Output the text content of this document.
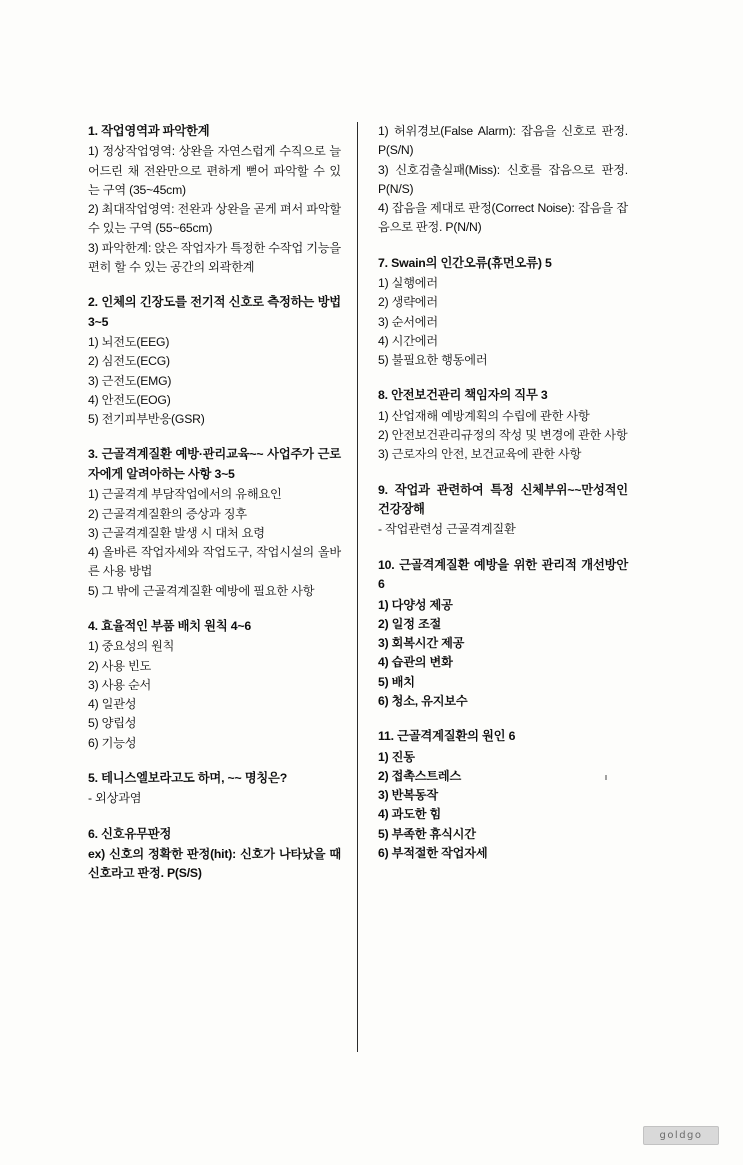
1. 작업영역과 파악한계
1) 정상작업영역: 상완을 자연스럽게 수직으로 늘어드린 채 전완만으로 편하게 뻗어 파악할 수 있는 구역 (35~45cm)
2) 최대작업영역: 전완과 상완을 곧게 펴서 파악할 수 있는 구역 (55~65cm)
3) 파악한계: 앉은 작업자가 특정한 수작업 기능을 편히 할 수 있는 공간의 외곽한계
2. 인체의 긴장도를 전기적 신호로 측정하는 방법 3~5
1) 뇌전도(EEG)
2) 심전도(ECG)
3) 근전도(EMG)
4) 안전도(EOG)
5) 전기피부반응(GSR)
3. 근골격계질환 예방·관리교육~~ 사업주가 근로자에게 알려아하는 사항 3~5
1) 근골격계 부담작업에서의 유해요인
2) 근골격계질환의 증상과 징후
3) 근골격계질환 발생 시 대처 요령
4) 올바른 작업자세와 작업도구, 작업시설의 올바른 사용 방법
5) 그 밖에 근골격계질환 예방에 필요한 사항
4. 효율적인 부품 배치 원칙 4~6
1) 중요성의 원칙
2) 사용 빈도
3) 사용 순서
4) 일관성
5) 양립성
6) 기능성
5. 테니스엘보라고도 하며, ~~ 명칭은?
- 외상과염
6. 신호유무판정
ex) 신호의 정확한 판정(hit): 신호가 나타났을 때 신호라고 판정. P(S/S)
1) 허위경보(False Alarm): 잡음을 신호로 판정. P(S/N)
3) 신호검출실패(Miss): 신호를 잡음으로 판정. P(N/S)
4) 잡음을 제대로 판정(Correct Noise): 잡음을 잡음으로 판정. P(N/N)
7. Swain의 인간오류(휴먼오류) 5
1) 실행에러
2) 생략에러
3) 순서에러
4) 시간에러
5) 불필요한 행동에러
8. 안전보건관리 책임자의 직무 3
1) 산업재해 예방계획의 수립에 관한 사항
2) 안전보건관리규정의 작성 및 변경에 관한 사항
3) 근로자의 안전, 보건교육에 관한 사항
9. 작업과 관련하여 특정 신체부위~~만성적인 건강장해
- 작업관련성 근골격계질환
10. 근골격계질환 예방을 위한 관리적 개선방안 6
1) 다양성 제공
2) 일정 조절
3) 회복시간 제공
4) 습관의 변화
5) 배치
6) 청소, 유지보수
11. 근골격계질환의 원인 6
1) 진동
2) 접촉스트레스
3) 반복동작
4) 과도한 힘
5) 부족한 휴식시간
6) 부적절한 작업자세
goldgo
